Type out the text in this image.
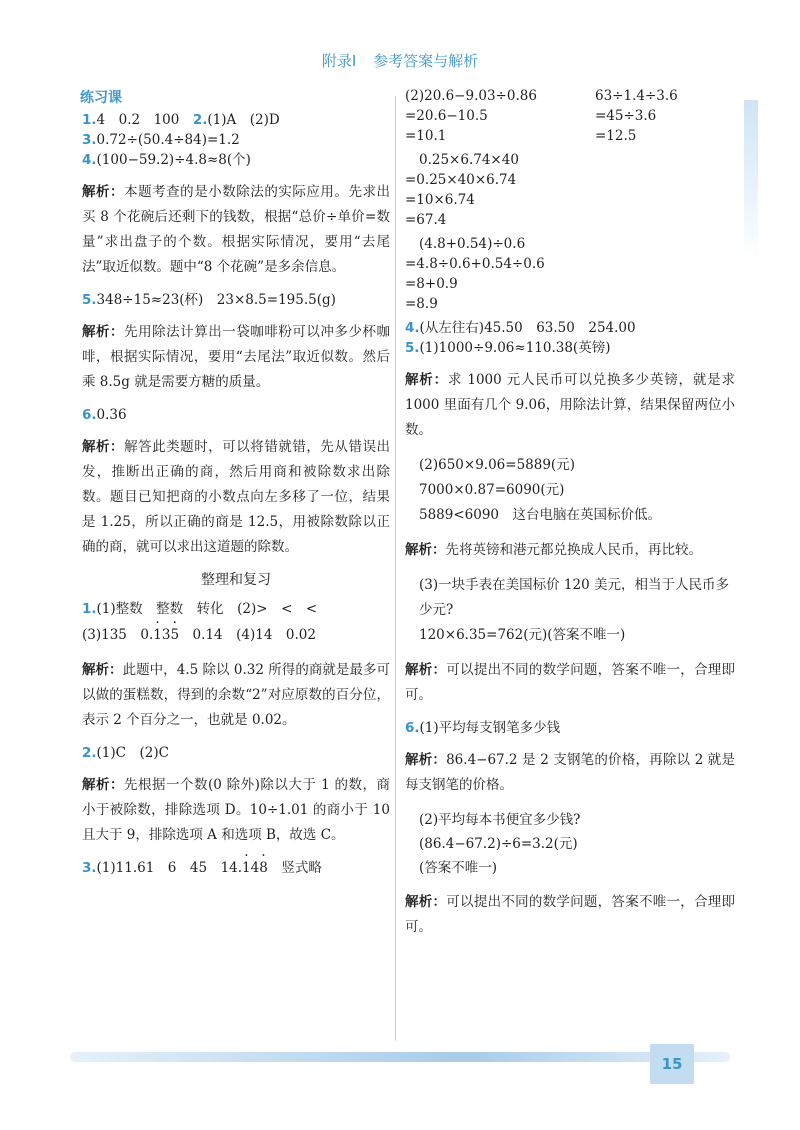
附录Ⅰ 参考答案与解析
练习课

1.4　0.2　100　 2.(1)A　(2)D

3.0.72÷(50.4÷84)=1.2

4.(100−59.2)÷4.8≈8(个)

解析：本题考查的是小数除法的实际应用。先求出买 8 个花碗后还剩下的钱数，根据“总价÷单价=数量”求出盘子的个数。根据实际情况，要用“去尾法”取近似数。题中“8 个花碗”是多余信息。

5.348÷15≈23(杯)　23×8.5=195.5(g)

解析：先用除法计算出一袋咖啡粉可以冲多少杯咖啡，根据实际情况，要用“去尾法”取近似数。然后乘 8.5g 就是需要方糖的质量。

6.0.36

解析：解答此类题时，可以将错就错，先从错误出发，推断出正确的商，然后用商和被除数求出除数。题目已知把商的小数点向左多移了一位，结果是 1.25，所以正确的商是 12.5，用被除数除以正确的商，就可以求出这道题的除数。

整理和复习

1.(1)整数　整数　转化　(2)>　<　<

(3)135　0.· 13· 5　0.14　(4)14　0.02

解析：此题中，4.5 除以 0.32 所得的商就是最多可以做的蛋糕数，得到的余数“2”对应原数的百分位，表示 2 个百分之一，也就是 0.02。

2.(1)C　(2)C

解析：先根据一个数(0 除外)除以大于 1 的数，商小于被除数，排除选项 D。10÷1.01 的商小于 10 且大于 9，排除选项 A 和选项 B，故选 C。

3.(1)11.61　6　45　14.· 14· 8　竖式略

(2)20.6−9.03÷0.86	63÷1.4÷3.6
=20.6−10.5	=45÷3.6
=10.1	=12.5

0.25×6.74×40

=0.25×40×6.74

=10×6.74

=67.4

(4.8+0.54)÷0.6

=4.8÷0.6+0.54÷0.6

=8+0.9

=8.9

4.(从左往右)45.50　63.50　254.00

5.(1)1000÷9.06≈110.38(英镑)

解析：求 1000 元人民币可以兑换多少英镑，就是求 1000 里面有几个 9.06，用除法计算，结果保留两位小数。

(2)650×9.06=5889(元)

7000×0.87=6090(元)

5889<6090　这台电脑在英国标价低。

解析：先将英镑和港元都兑换成人民币，再比较。

(3)一块手表在美国标价 120 美元，相当于人民币多少元?

120×6.35=762(元)(答案不唯一)

解析：可以提出不同的数学问题，答案不唯一，合理即可。

6.(1)平均每支钢笔多少钱

解析：86.4−67.2 是 2 支钢笔的价格，再除以 2 就是每支钢笔的价格。

(2)平均每本书便宜多少钱?

(86.4−67.2)÷6=3.2(元)

(答案不唯一)

解析：可以提出不同的数学问题，答案不唯一，合理即可。

15
